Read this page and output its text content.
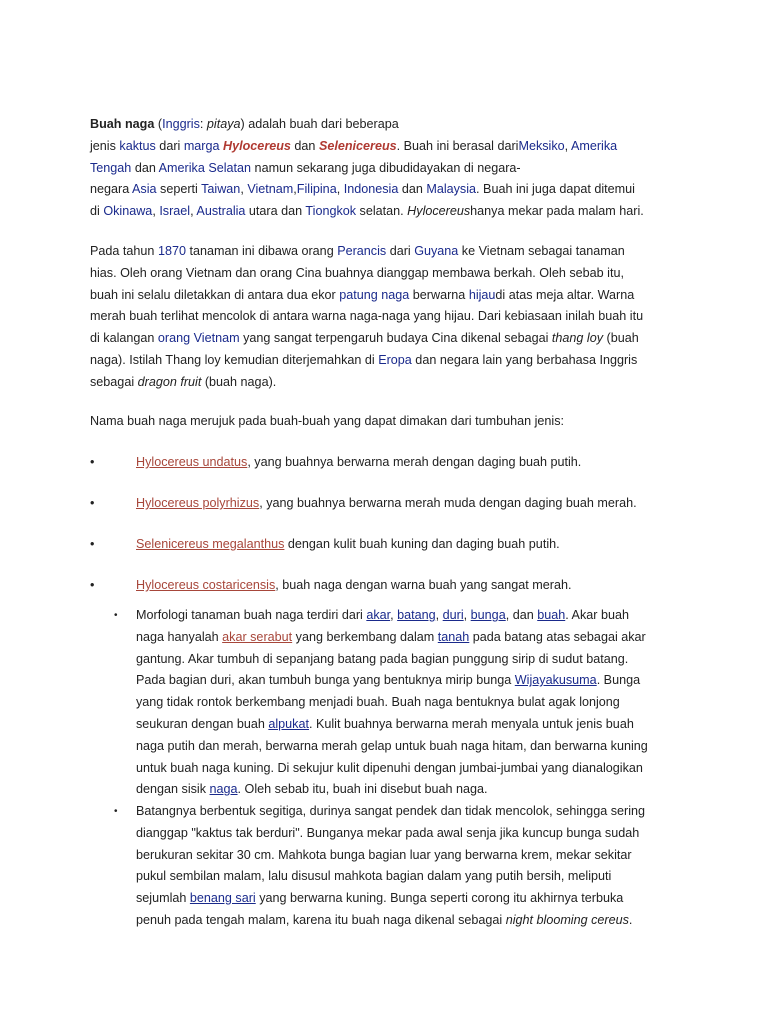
Buah naga (Inggris: pitaya) adalah buah dari beberapa
jenis kaktus dari marga Hylocereus dan Selenicereus. Buah ini berasal dariMeksiko, Amerika
Tengah dan Amerika Selatan namun sekarang juga dibudidayakan di negara-
negara Asia seperti Taiwan, Vietnam,Filipina, Indonesia dan Malaysia. Buah ini juga dapat ditemui
di Okinawa, Israel, Australia utara dan Tiongkok selatan. Hylocereushanya mekar pada malam hari.
Pada tahun 1870 tanaman ini dibawa orang Perancis dari Guyana ke Vietnam sebagai tanaman
hias. Oleh orang Vietnam dan orang Cina buahnya dianggap membawa berkah. Oleh sebab itu,
buah ini selalu diletakkan di antara dua ekor patung naga berwarna hijaudi atas meja altar. Warna
merah buah terlihat mencolok di antara warna naga-naga yang hijau. Dari kebiasaan inilah buah itu
di kalangan orang Vietnam yang sangat terpengaruh budaya Cina dikenal sebagai thang loy (buah
naga). Istilah Thang loy kemudian diterjemahkan di Eropa dan negara lain yang berbahasa Inggris
sebagai dragon fruit (buah naga).
Nama buah naga merujuk pada buah-buah yang dapat dimakan dari tumbuhan jenis:
•	Hylocereus undatus, yang buahnya berwarna merah dengan daging buah putih.
•	Hylocereus polyrhizus, yang buahnya berwarna merah muda dengan daging buah merah.
•	Selenicereus megalanthus dengan kulit buah kuning dan daging buah putih.
•	Hylocereus costaricensis, buah naga dengan warna buah yang sangat merah.
• Morfologi tanaman buah naga terdiri dari akar, batang, duri, bunga, dan buah. Akar buah
naga hanyalah akar serabut yang berkembang dalam tanah pada batang atas sebagai akar
gantung. Akar tumbuh di sepanjang batang pada bagian punggung sirip di sudut batang.
Pada bagian duri, akan tumbuh bunga yang bentuknya mirip bunga Wijayakusuma. Bunga
yang tidak rontok berkembang menjadi buah. Buah naga bentuknya bulat agak lonjong
seukuran dengan buah alpukat. Kulit buahnya berwarna merah menyala untuk jenis buah
naga putih dan merah, berwarna merah gelap untuk buah naga hitam, dan berwarna kuning
untuk buah naga kuning. Di sekujur kulit dipenuhi dengan jumbai-jumbai yang dianalogikan
dengan sisik naga. Oleh sebab itu, buah ini disebut buah naga.
• Batangnya berbentuk segitiga, durinya sangat pendek dan tidak mencolok, sehingga sering
dianggap "kaktus tak berduri". Bunganya mekar pada awal senja jika kuncup bunga sudah
berukuran sekitar 30 cm. Mahkota bunga bagian luar yang berwarna krem, mekar sekitar
pukul sembilan malam, lalu disusul mahkota bagian dalam yang putih bersih, meliputi
sejumlah benang sari yang berwarna kuning. Bunga seperti corong itu akhirnya terbuka
penuh pada tengah malam, karena itu buah naga dikenal sebagai night blooming cereus.
